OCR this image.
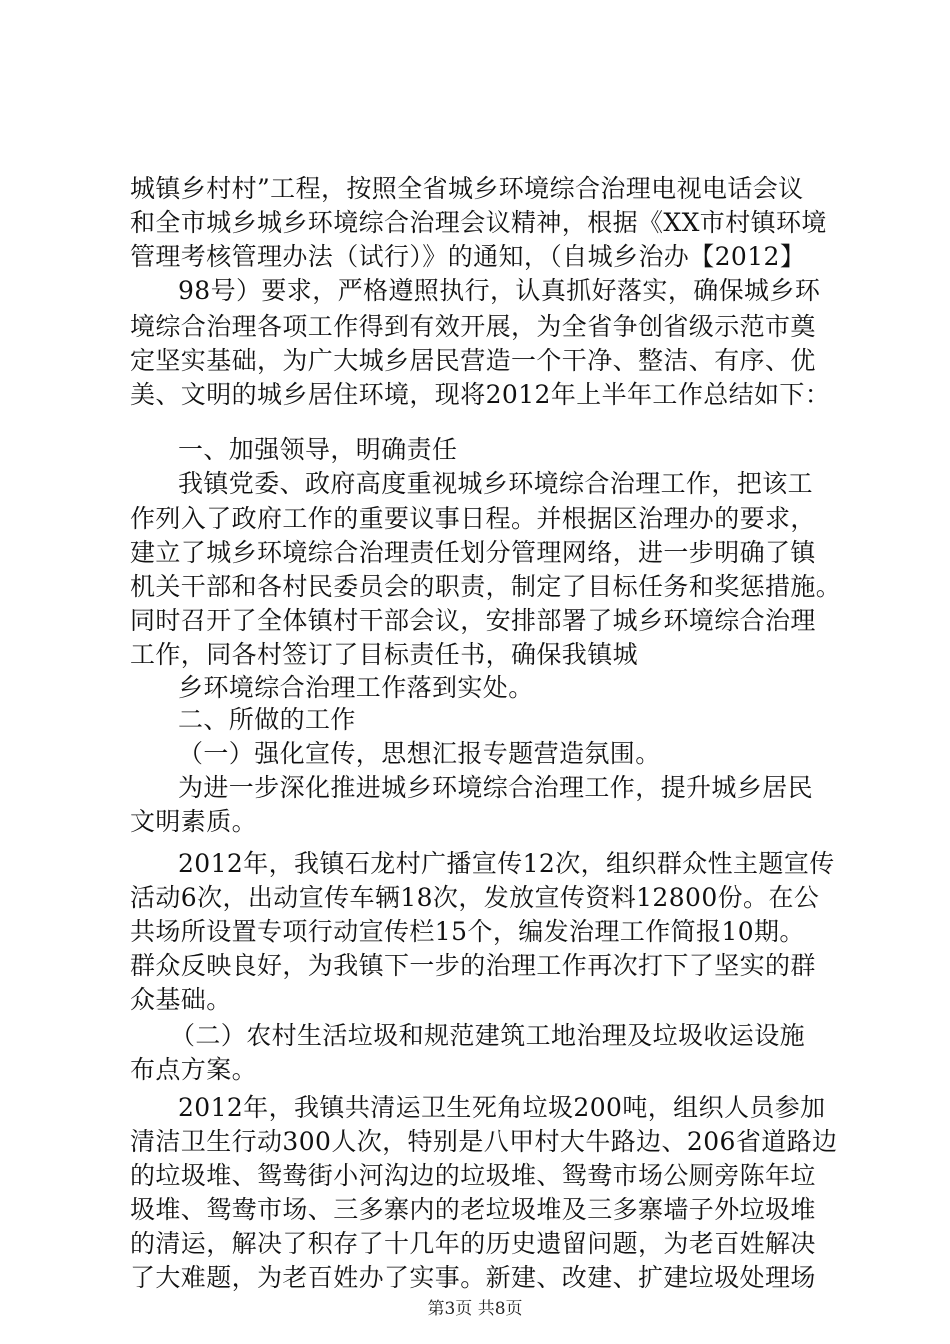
城镇乡村村”工程，按照全省城乡环境综合治理电视电话会议
和全市城乡城乡环境综合治理会议精神，根据《XX市村镇环境
管理考核管理办法（试行）》的通知，（自城乡治办【2012】
98号）要求，严格遵照执行，认真抓好落实，确保城乡环
境综合治理各项工作得到有效开展，为全省争创省级示范市奠
定坚实基础，为广大城乡居民营造一个干净、整洁、有序、优
美、文明的城乡居住环境，现将2012年上半年工作总结如下：
一、加强领导，明确责任
我镇党委、政府高度重视城乡环境综合治理工作，把该工
作列入了政府工作的重要议事日程。并根据区治理办的要求，
建立了城乡环境综合治理责任划分管理网络，进一步明确了镇
机关干部和各村民委员会的职责，制定了目标任务和奖惩措施。
同时召开了全体镇村干部会议，安排部署了城乡环境综合治理
工作，同各村签订了目标责任书，确保我镇城
乡环境综合治理工作落到实处。
二、所做的工作
（一）强化宣传，思想汇报专题营造氛围。
为进一步深化推进城乡环境综合治理工作，提升城乡居民
文明素质。
2012年，我镇石龙村广播宣传12次，组织群众性主题宣传
活动6次，出动宣传车辆18次，发放宣传资料12800份。在公
共场所设置专项行动宣传栏15个，编发治理工作简报10期。
群众反映良好，为我镇下一步的治理工作再次打下了坚实的群
众基础。
（二）农村生活垃圾和规范建筑工地治理及垃圾收运设施
布点方案。
2012年，我镇共清运卫生死角垃圾200吨，组织人员参加
清洁卫生行动300人次，特别是八甲村大牛路边、206省道路边
的垃圾堆、鸳鸯街小河沟边的垃圾堆、鸳鸯市场公厕旁陈年垃
圾堆、鸳鸯市场、三多寨内的老垃圾堆及三多寨墙子外垃圾堆
的清运，解决了积存了十几年的历史遗留问题，为老百姓解决
了大难题，为老百姓办了实事。新建、改建、扩建垃圾处理场
第3页 共8页
